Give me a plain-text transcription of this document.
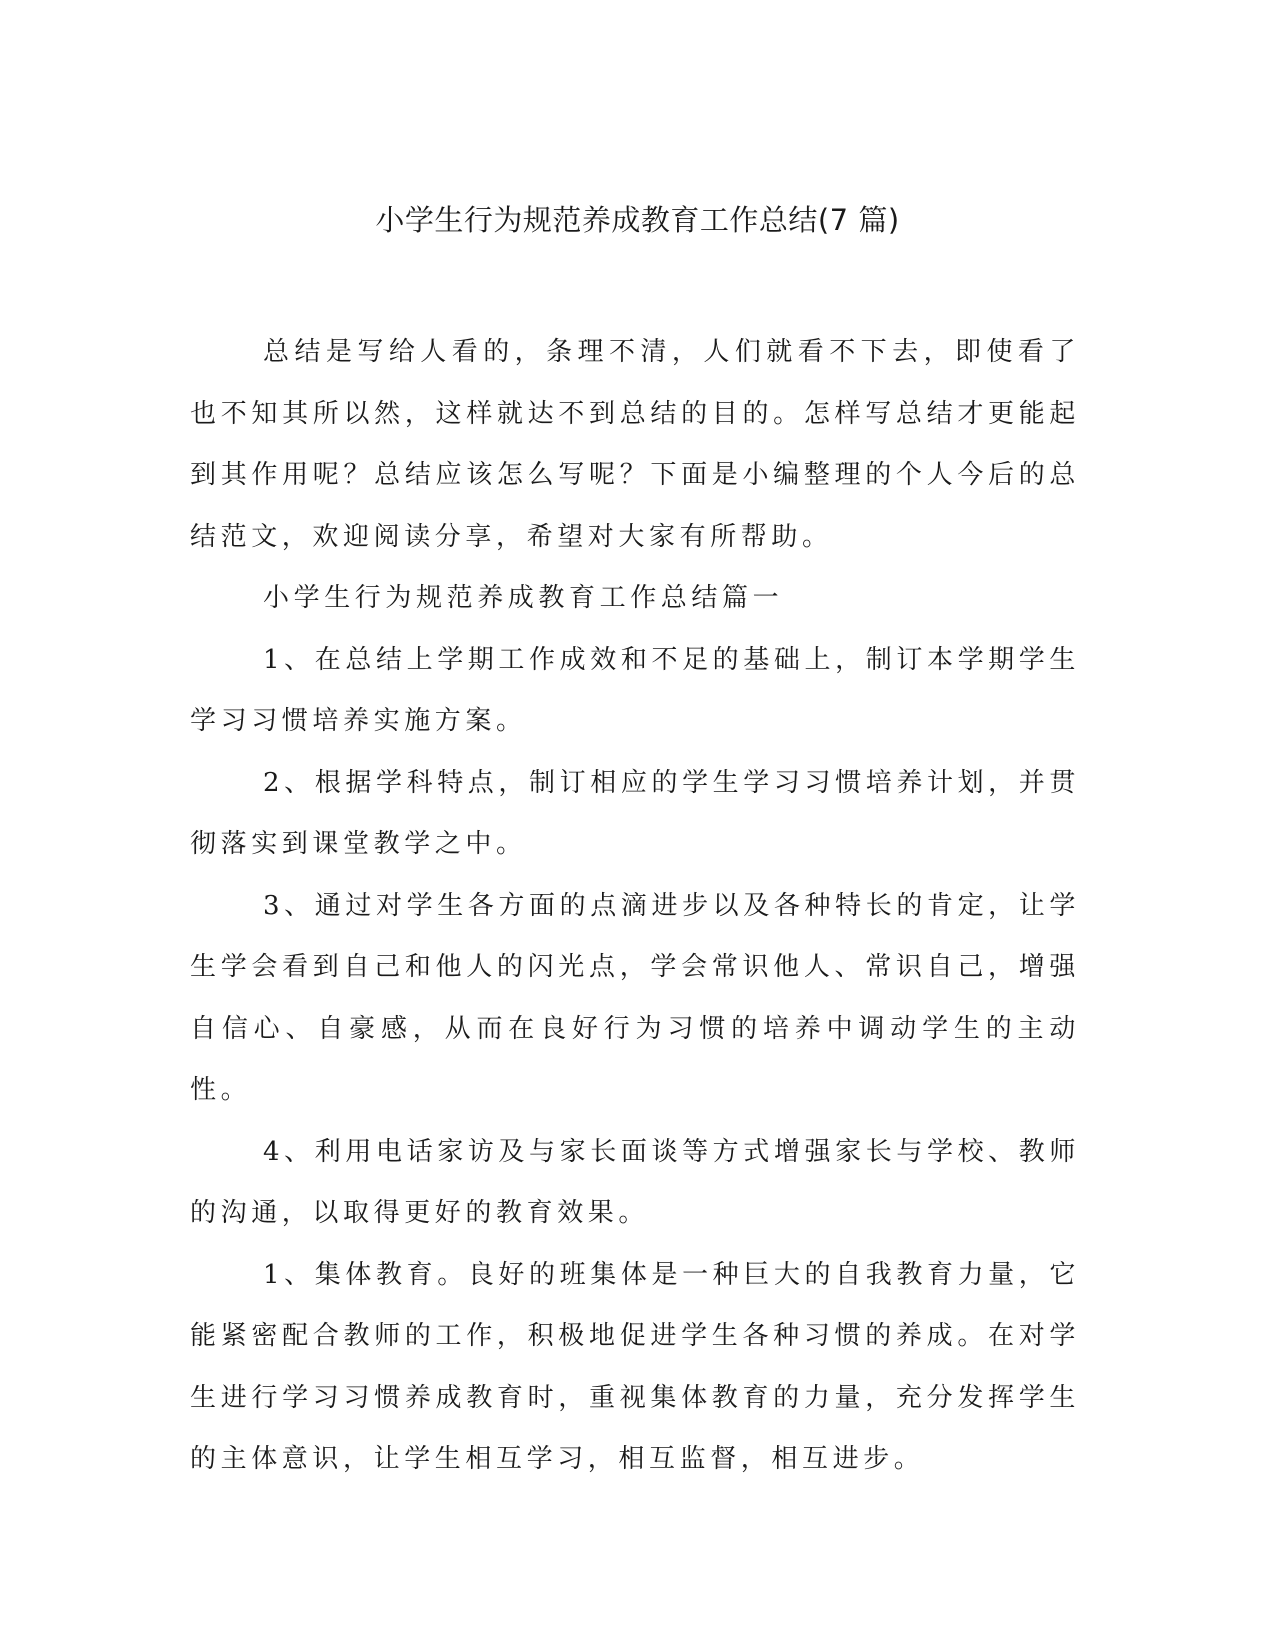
小学生行为规范养成教育工作总结(7 篇)

总结是写给人看的，条理不清，人们就看不下去，即使看了也不知其所以然，这样就达不到总结的目的。怎样写总结才更能起到其作用呢？总结应该怎么写呢？下面是小编整理的个人今后的总结范文，欢迎阅读分享，希望对大家有所帮助。

小学生行为规范养成教育工作总结篇一

1、在总结上学期工作成效和不足的基础上，制订本学期学生学习习惯培养实施方案。

2、根据学科特点，制订相应的学生学习习惯培养计划，并贯彻落实到课堂教学之中。

3、通过对学生各方面的点滴进步以及各种特长的肯定，让学生学会看到自己和他人的闪光点，学会常识他人、常识自己，增强自信心、自豪感，从而在良好行为习惯的培养中调动学生的主动性。

4、利用电话家访及与家长面谈等方式增强家长与学校、教师的沟通，以取得更好的教育效果。

1、集体教育。良好的班集体是一种巨大的自我教育力量，它能紧密配合教师的工作，积极地促进学生各种习惯的养成。在对学生进行学习习惯养成教育时，重视集体教育的力量，充分发挥学生的主体意识，让学生相互学习，相互监督，相互进步。
